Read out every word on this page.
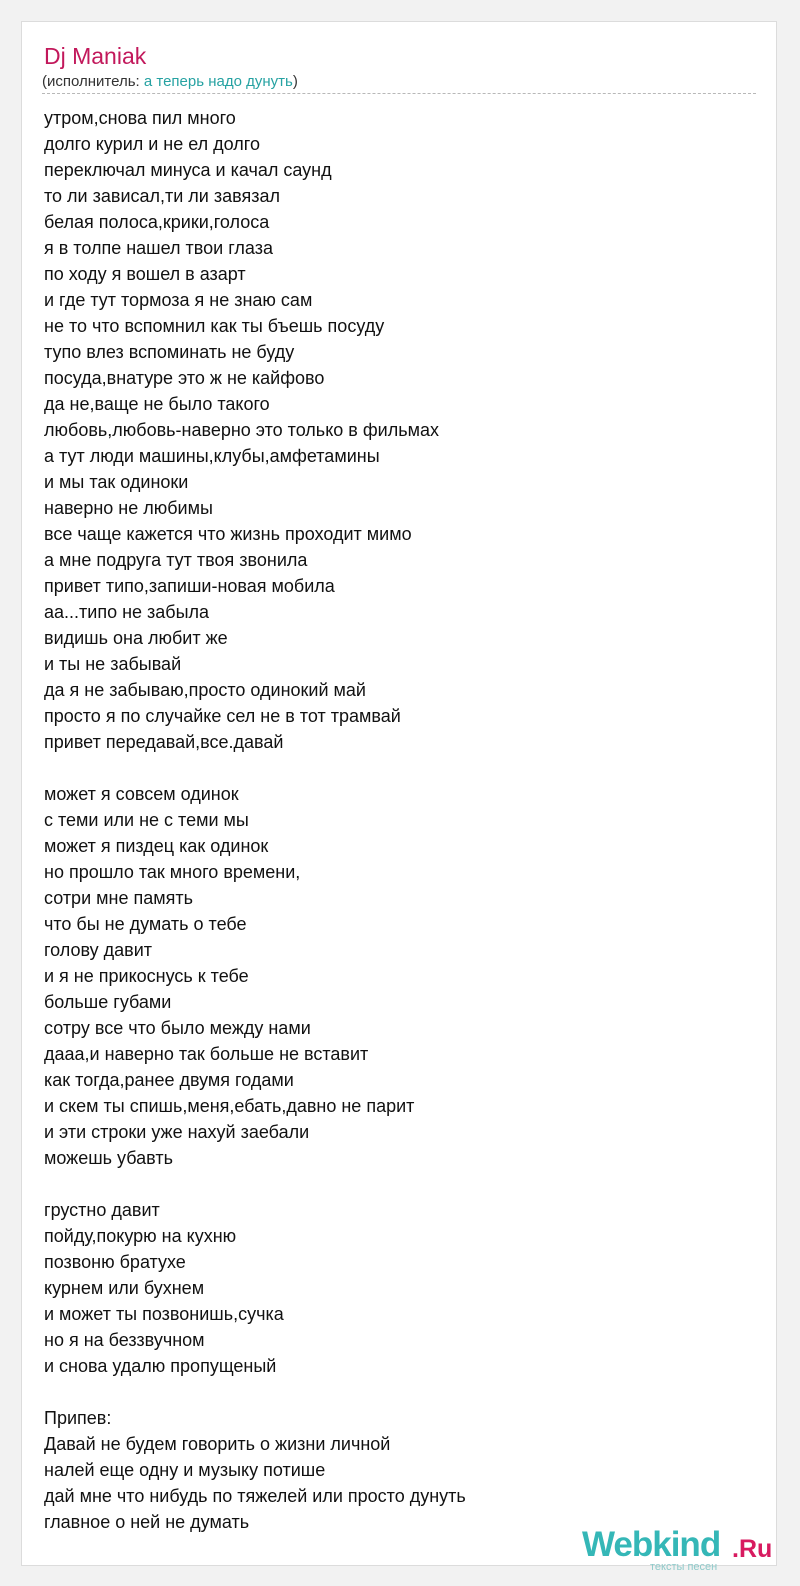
Dj Maniak
(исполнитель: а теперь надо дунуть)
утром,снова пил много
долго курил и не ел долго
переключал минуса и качал саунд
то ли зависал,ти ли завязал
белая полоса,крики,голоса
я в толпе нашел твои глаза
по ходу я вошел в азарт
и где тут тормоза я не знаю сам
не то что вспомнил как ты бъешь посуду
тупо влез вспоминать не буду
посуда,внатуре это ж не кайфово
да не,ваще не было такого
любовь,любовь-наверно это только в фильмах
а тут люди машины,клубы,амфетамины
и мы так одиноки
наверно не любимы
все чаще кажется что жизнь проходит мимо
а мне подруга тут твоя звонила
привет типо,запиши-новая мобила
аа...типо не забыла
видишь она любит же
и ты не забывай
да я не забываю,просто одинокий май
просто я по случайке сел не в тот трамвай
привет передавай,все.давай
может я совсем одинок
с теми или не с теми мы
может я пиздец как одинок
но прошло так много времени,
сотри мне память
что бы не думать о тебе
голову давит
и я не прикоснусь к тебе
больше губами
сотру все что было между нами
дааа,и наверно так больше не вставит
как тогда,ранее двумя годами
и скем ты спишь,меня,ебать,давно не парит
и эти строки уже нахуй заебали
можешь убавть
грустно давит
пойду,покурю на кухню
позвоню братухе
курнем или бухнем
и может ты позвонишь,сучка
но я на беззвучном
и снова удалю пропущеный
Припев:
Давай не будем говорить о жизни личной
налей еще одну и музыку потише
дай мне что нибудь по тяжелей или просто дунуть
главное о ней не думать
Webkind .Ru
тексты песен
